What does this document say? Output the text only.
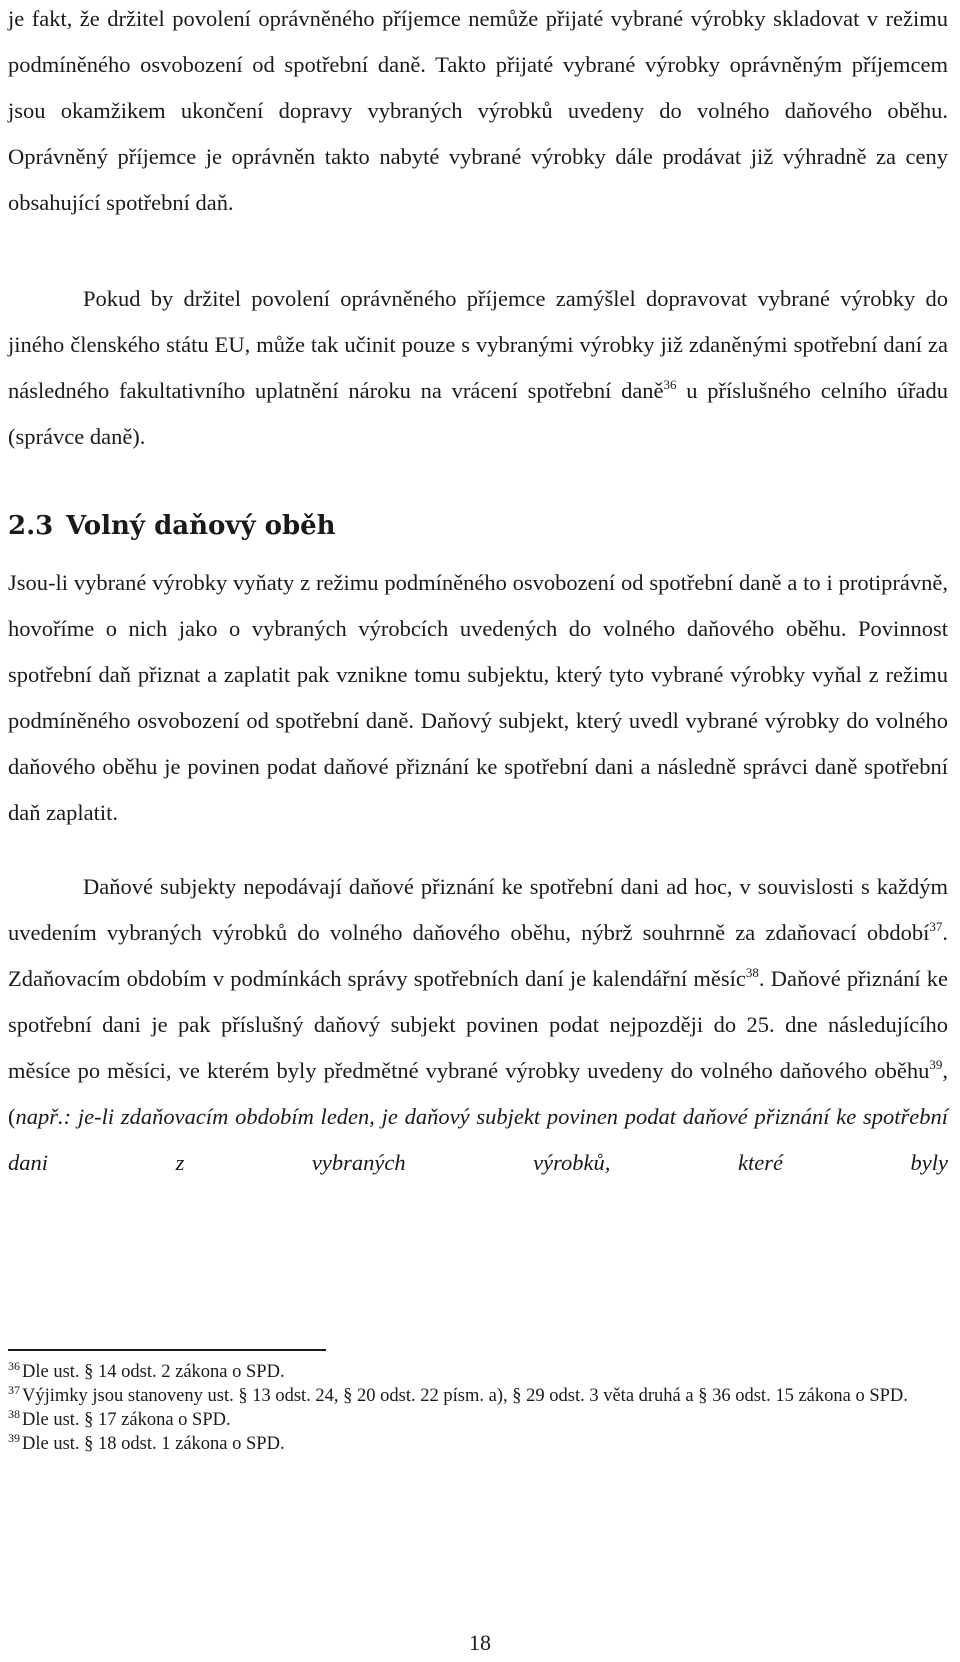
je fakt, že držitel povolení oprávněného příjemce nemůže přijaté vybrané výrobky skladovat v režimu podmíněného osvobození od spotřební daně. Takto přijaté vybrané výrobky oprávněným příjemcem jsou okamžikem ukončení dopravy vybraných výrobků uvedeny do volného daňového oběhu. Oprávněný příjemce je oprávněn takto nabyté vybrané výrobky dále prodávat již výhradně za ceny obsahující spotřební daň.

Pokud by držitel povolení oprávněného příjemce zamýšlel dopravovat vybrané výrobky do jiného členského státu EU, může tak učinit pouze s vybranými výrobky již zdaněnými spotřební daní za následného fakultativního uplatnění nároku na vrácení spotřební daně$^{36}$ u příslušného celního úřadu (správce daně).

2.3 Volný daňový oběh

Jsou-li vybrané výrobky vyňaty z režimu podmíněného osvobození od spotřební daně a to i protiprávně, hovoříme o nich jako o vybraných výrobcích uvedených do volného daňového oběhu. Povinnost spotřební daň přiznat a zaplatit pak vznikne tomu subjektu, který tyto vybrané výrobky vyňal z režimu podmíněného osvobození od spotřební daně. Daňový subjekt, který uvedl vybrané výrobky do volného daňového oběhu je povinen podat daňové přiznání ke spotřební dani a následně správci daně spotřební daň zaplatit.

Daňové subjekty nepodávají daňové přiznání ke spotřební dani ad hoc, v souvislosti s každým uvedením vybraných výrobků do volného daňového oběhu, nýbrž souhrnně za zdaňovací období$^{37}$. Zdaňovacím obdobím v podmínkách správy spotřebních daní je kalendářní měsíc$^{38}$. Daňové přiznání ke spotřební dani je pak příslušný daňový subjekt povinen podat nejpozději do 25. dne následujícího měsíce po měsíci, ve kterém byly předmětné vybrané výrobky uvedeny do volného daňového oběhu$^{39}$, (např.: je-li zdaňovacím obdobím leden, je daňový subjekt povinen podat daňové přiznání ke spotřební dani z vybraných výrobků, které byly

$^{36}$ Dle ust. § 14 odst. 2 zákona o SPD.

$^{37}$ Výjimky jsou stanoveny ust. § 13 odst. 24, § 20 odst. 22 písm. a), § 29 odst. 3 věta druhá a § 36 odst. 15 zákona o SPD.

$^{38}$ Dle ust. § 17 zákona o SPD.

$^{39}$ Dle ust. § 18 odst. 1 zákona o SPD.

18
